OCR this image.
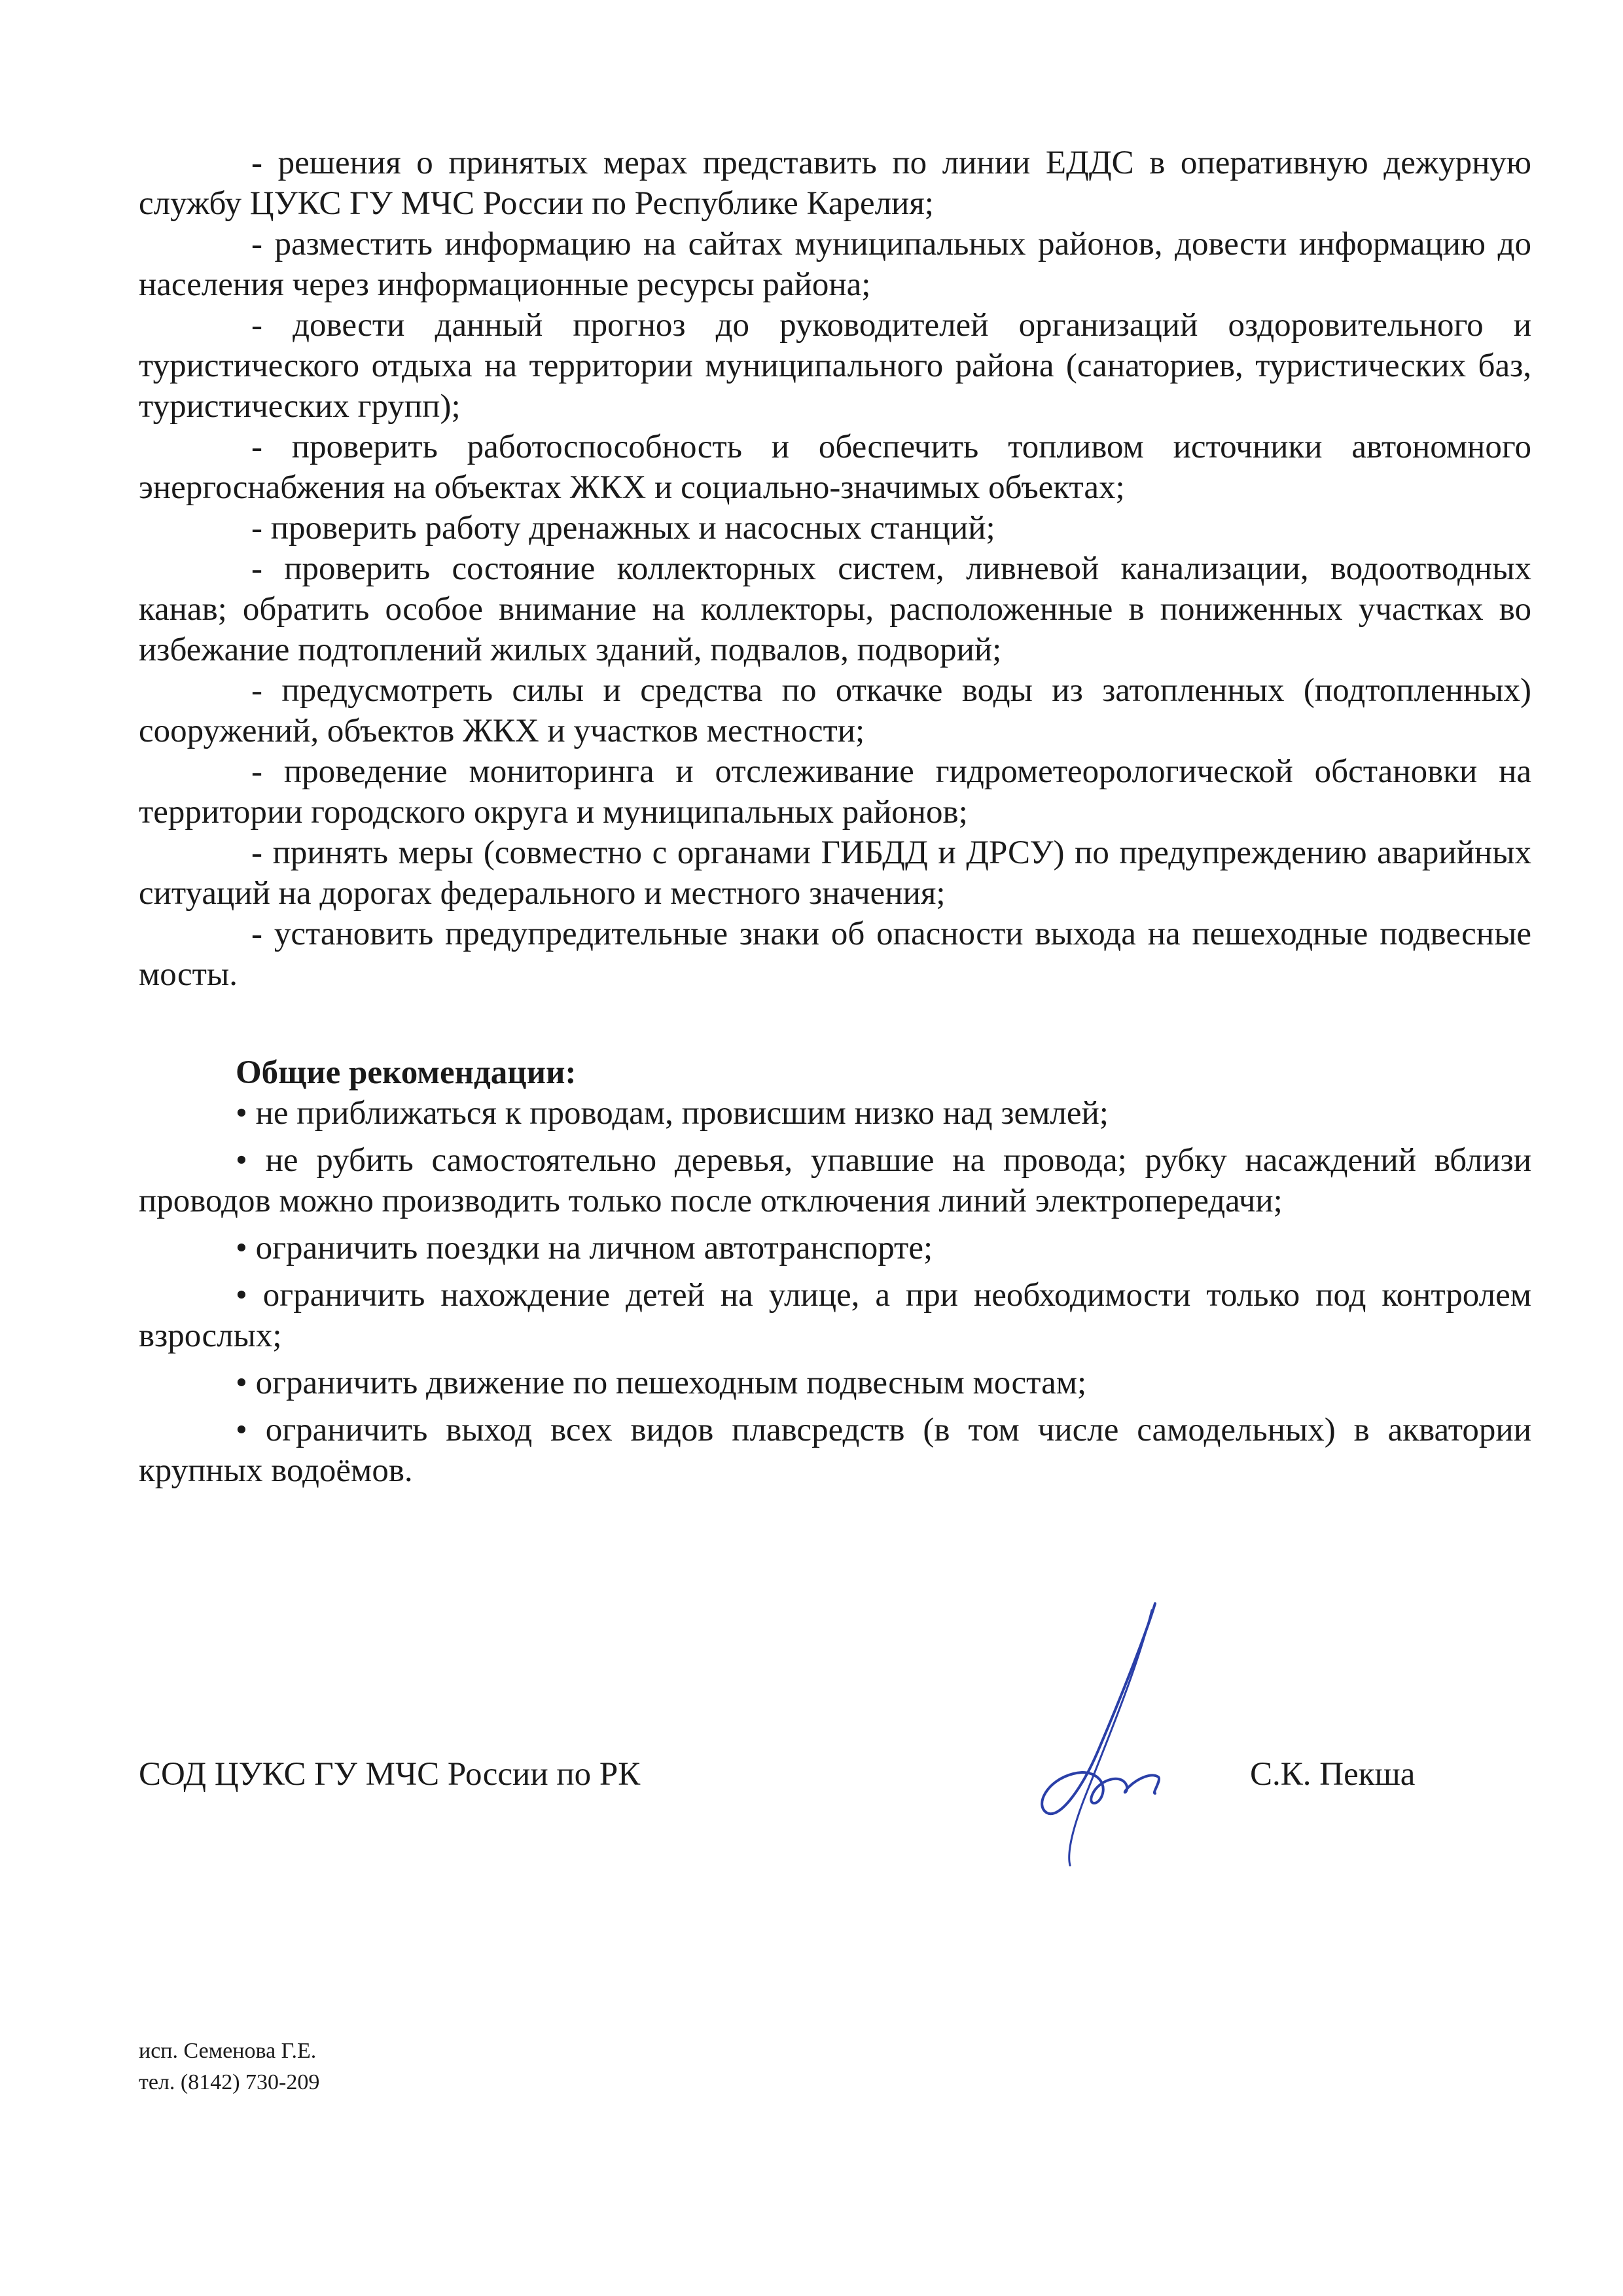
- решения о принятых мерах представить по линии ЕДДС в оперативную дежурную службу ЦУКС ГУ МЧС России по Республике Карелия;

- разместить информацию на сайтах муниципальных районов, довести информацию до населения через информационные ресурсы района;

- довести данный прогноз до руководителей организаций оздоровительного и туристического отдыха на территории муниципального района (санаториев, туристических баз, туристических групп);

- проверить работоспособность и обеспечить топливом источники автономного энергоснабжения на объектах ЖКХ и социально-значимых объектах;

- проверить работу дренажных и насосных станций;

- проверить состояние коллекторных систем, ливневой канализации, водоотводных канав; обратить особое внимание на коллекторы, расположенные в пониженных участках во избежание подтоплений жилых зданий, подвалов, подворий;

- предусмотреть силы и средства по откачке воды из затопленных (подтопленных) сооружений, объектов ЖКХ и участков местности;

- проведение мониторинга и отслеживание гидрометеорологической обстановки на территории городского округа и муниципальных районов;

- принять меры (совместно с органами ГИБДД и ДРСУ) по предупреждению аварийных ситуаций на дорогах федерального и местного значения;

- установить предупредительные знаки об опасности выхода на пешеходные подвесные мосты.

Общие рекомендации:

• не приближаться к проводам, провисшим низко над землей;

• не рубить самостоятельно деревья, упавшие на провода; рубку насаждений вблизи проводов можно производить только после отключения линий электропередачи;

• ограничить поездки на личном автотранспорте;

• ограничить нахождение детей на улице, а при необходимости только под контролем взрослых;

• ограничить движение по пешеходным подвесным мостам;

• ограничить выход всех видов плавсредств (в том числе самодельных) в акватории крупных водоёмов.

СОД ЦУКС ГУ МЧС России по РК	С.К. Пекша
исп. Семенова Г.Е.
тел. (8142) 730-209
